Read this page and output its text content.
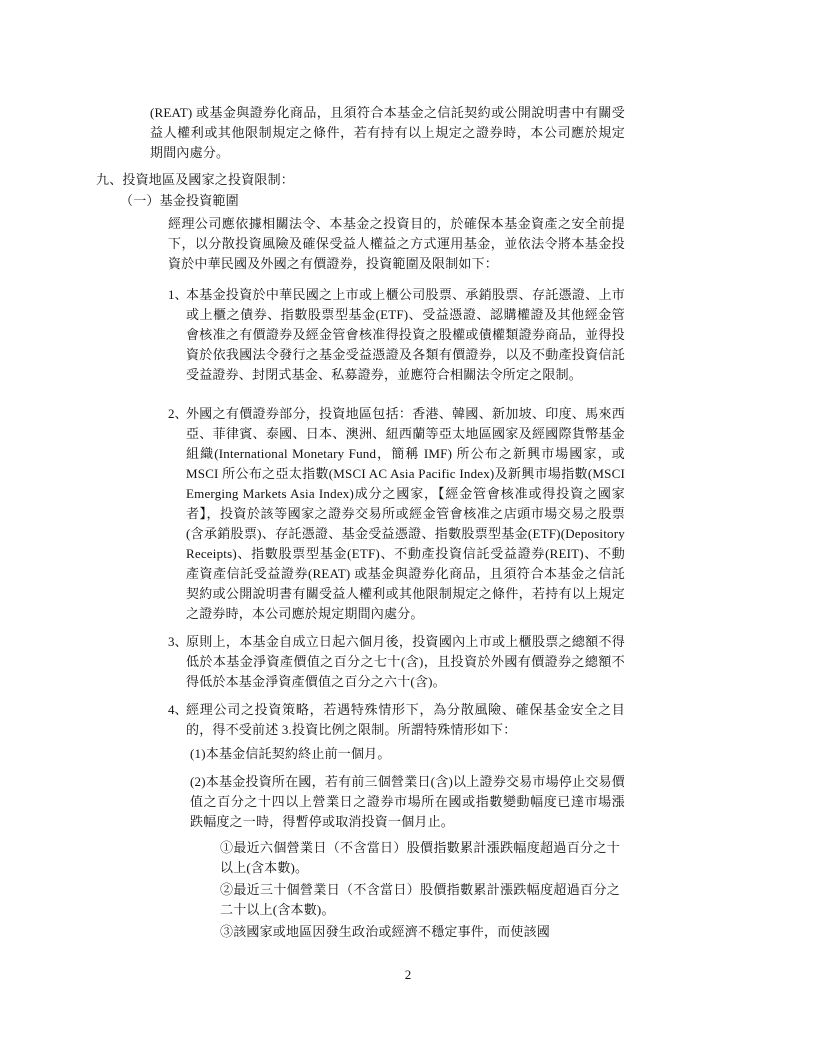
(REAT) 或基金與證券化商品，且須符合本基金之信託契約或公開說明書中有關受益人權利或其他限制規定之條件，若有持有以上規定之證券時，本公司應於規定期間內處分。

九、投資地區及國家之投資限制：

（一）基金投資範圍

經理公司應依據相關法令、本基金之投資目的，於確保本基金資產之安全前提下，以分散投資風險及確保受益人權益之方式運用基金，並依法令將本基金投資於中華民國及外國之有價證券，投資範圍及限制如下：

1、

本基金投資於中華民國之上市或上櫃公司股票、承銷股票、存託憑證、上市或上櫃之債券、指數股票型基金(ETF)、受益憑證、認購權證及其他經金管會核准之有價證券及經金管會核准得投資之股權或債權類證券商品，並得投資於依我國法令發行之基金受益憑證及各類有價證券，以及不動產投資信託受益證券、封閉式基金、私募證券，並應符合相關法令所定之限制。

2、

外國之有價證券部分，投資地區包括：香港、韓國、新加坡、印度、馬來西亞、菲律賓、泰國、日本、澳洲、紐西蘭等亞太地區國家及經國際貨幣基金組織(International Monetary Fund，簡稱 IMF) 所公布之新興市場國家，或 MSCI 所公布之亞太指數(MSCI AC Asia Pacific Index)及新興市場指數(MSCI Emerging Markets Asia Index)成分之國家，【經金管會核准或得投資之國家者】，投資於該等國家之證券交易所或經金管會核准之店頭市場交易之股票(含承銷股票)、存託憑證、基金受益憑證、指數股票型基金(ETF)(Depository Receipts)、指數股票型基金(ETF)、不動產投資信託受益證券(REIT)、不動產資產信託受益證券(REAT) 或基金與證券化商品，且須符合本基金之信託契約或公開說明書有關受益人權利或其他限制規定之條件，若持有以上規定之證券時，本公司應於規定期間內處分。

3、

原則上，本基金自成立日起六個月後，投資國內上市或上櫃股票之總額不得低於本基金淨資產價值之百分之七十(含)，且投資於外國有價證券之總額不得低於本基金淨資產價值之百分之六十(含)。

4、

經理公司之投資策略，若遇特殊情形下，為分散風險、確保基金安全之目的，得不受前述 3.投資比例之限制。所謂特殊情形如下：

(1)本基金信託契約終止前一個月。

(2)本基金投資所在國，若有前三個營業日(含)以上證券交易市場停止交易價值之百分之十四以上營業日之證券市場所在國或指數變動幅度已達市場漲跌幅度之一時，得暫停或取消投資一個月止。

①最近六個營業日（不含當日）股價指數累計漲跌幅度超過百分之十以上(含本數)。

②最近三十個營業日（不含當日）股價指數累計漲跌幅度超過百分之二十以上(含本數)。

③該國家或地區因發生政治或經濟不穩定事件，而使該國

2
